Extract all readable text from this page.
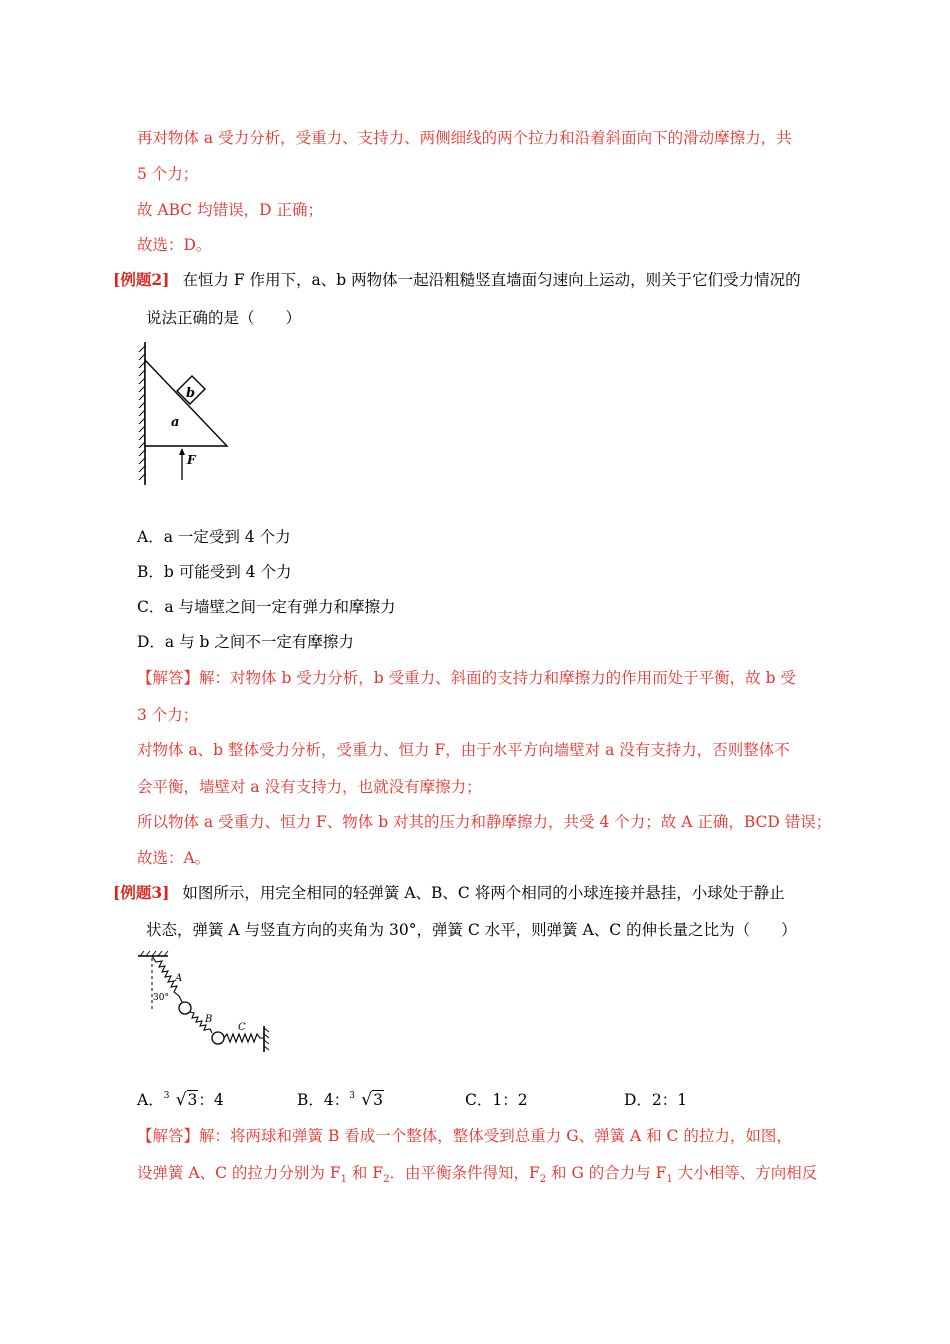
再对物体 a 受力分析，受重力、支持力、两侧细线的两个拉力和沿着斜面向下的滑动摩擦力，共
5 个力；
故 ABC 均错误，D 正确；
故选：D。
[例题2] 在恒力 F 作用下，a、b 两物体一起沿粗糙竖直墙面匀速向上运动，则关于它们受力情况的
说法正确的是（　　）
b
a
F
A．a 一定受到 4 个力
B．b 可能受到 4 个力
C．a 与墙壁之间一定有弹力和摩擦力
D．a 与 b 之间不一定有摩擦力
【解答】解：对物体 b 受力分析，b 受重力、斜面的支持力和摩擦力的作用而处于平衡，故 b 受
3 个力；
对物体 a、b 整体受力分析，受重力、恒力 F，由于水平方向墙壁对 a 没有支持力，否则整体不
会平衡，墙壁对 a 没有支持力，也就没有摩擦力；
所以物体 a 受重力、恒力 F、物体 b 对其的压力和静摩擦力，共受 4 个力；故 A 正确，BCD 错误；
故选：A。
[例题3] 如图所示，用完全相同的轻弹簧 A、B、C 将两个相同的小球连接并悬挂，小球处于静止
状态，弹簧 A 与竖直方向的夹角为 30°，弹簧 C 水平，则弹簧 A、C 的伸长量之比为（　　）
A
30°
B
C
A． 3 √3：4	B．4： 3 √3	C．1：2	D．2：1
【解答】解：将两球和弹簧 B 看成一个整体，整体受到总重力 G、弹簧 A 和 C 的拉力，如图，
设弹簧 A、C 的拉力分别为 $F_1$ 和 $F_2$．由平衡条件得知，$F_2$ 和 G 的合力与 $F_1$ 大小相等、方向相反
